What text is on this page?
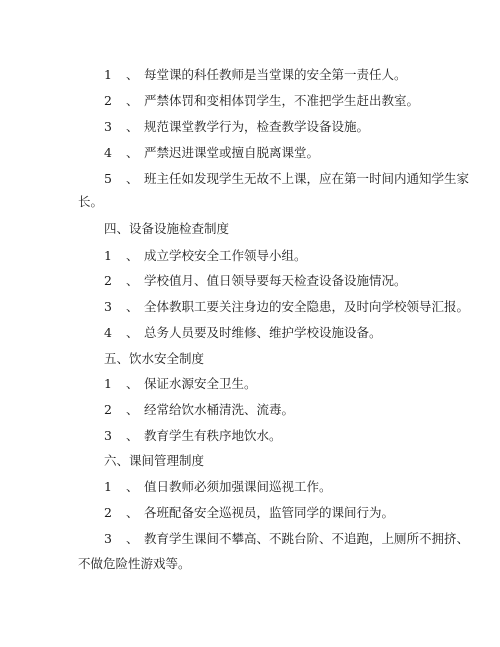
1 、 每堂课的科任教师是当堂课的安全第一责任人。
2 、 严禁体罚和变相体罚学生，不准把学生赶出教室。
3 、 规范课堂教学行为，检查教学设备设施。
4 、 严禁迟进课堂或擅自脱离课堂。
5 、 班主任如发现学生无故不上课，应在第一时间内通知学生家
长。
四、设备设施检查制度
1 、 成立学校安全工作领导小组。
2 、 学校值月、值日领导要每天检查设备设施情况。
3 、 全体教职工要关注身边的安全隐患，及时向学校领导汇报。
4 、 总务人员要及时维修、维护学校设施设备。
五、饮水安全制度
1 、 保证水源安全卫生。
2 、 经常给饮水桶清洗、流毒。
3 、 教育学生有秩序地饮水。
六、课间管理制度
1 、 值日教师必须加强课间巡视工作。
2 、 各班配备安全巡视员，监管同学的课间行为。
3 、 教育学生课间不攀高、不跳台阶、不追跑，上厕所不拥挤、
不做危险性游戏等。
